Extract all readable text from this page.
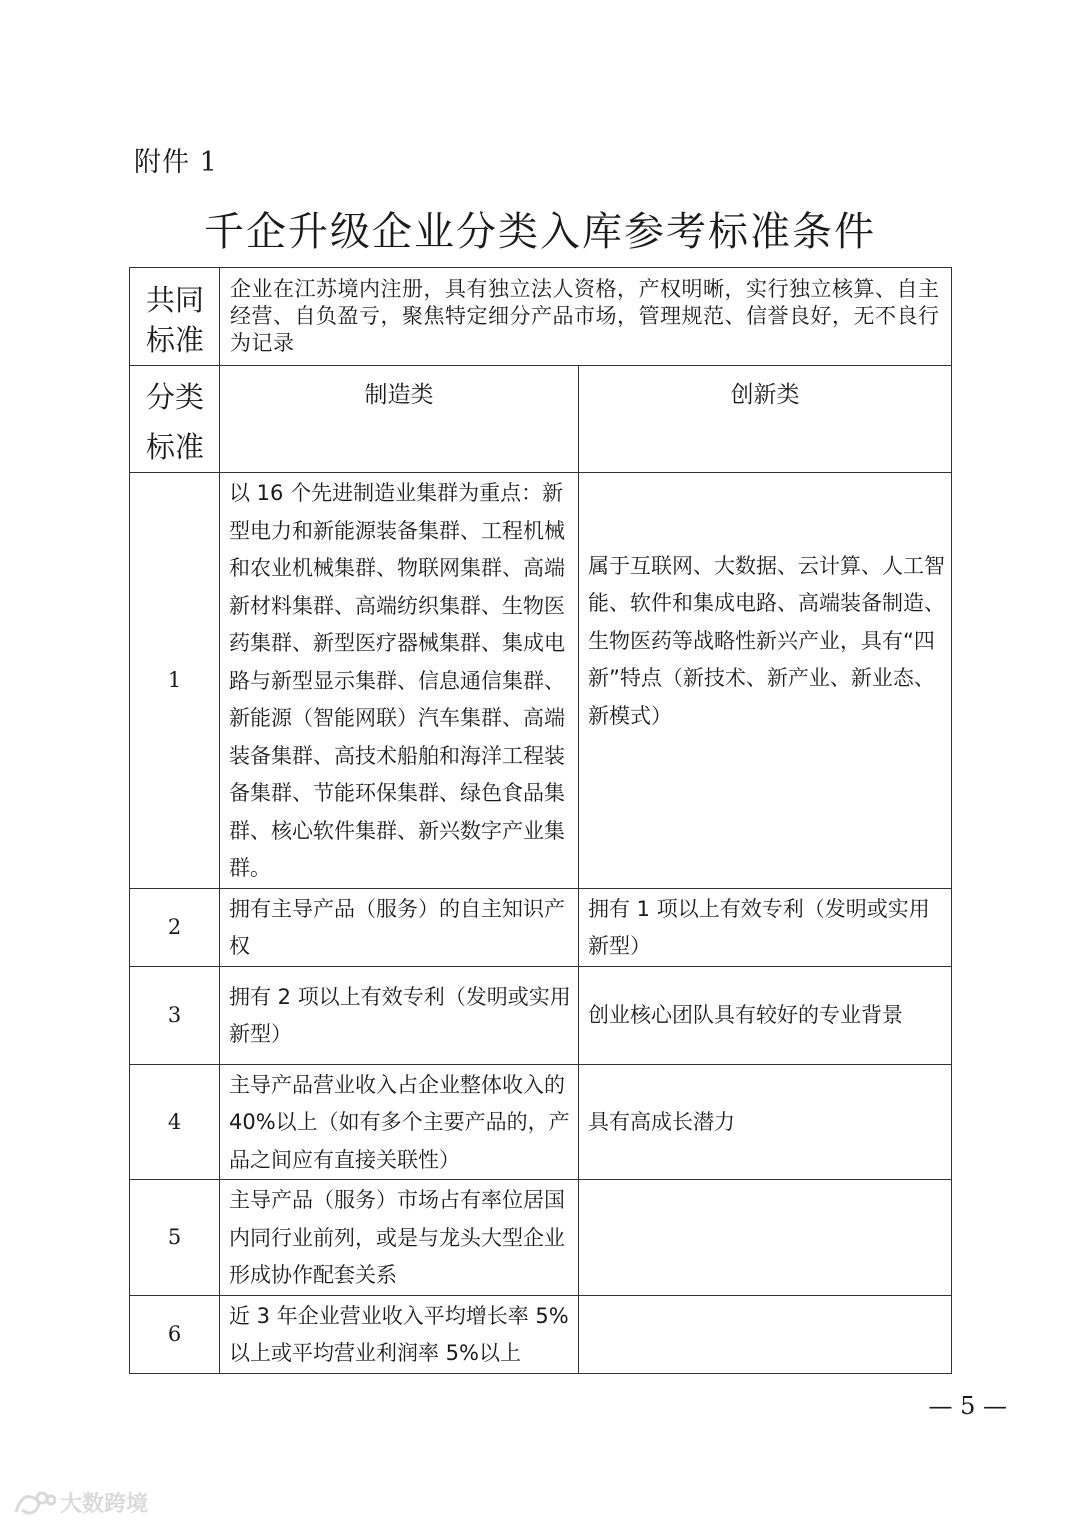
附件 1
千企升级企业分类入库参考标准条件
共同标准	企业在江苏境内注册，具有独立法人资格，产权明晰，实行独立核算、自主经营、自负盈亏，聚焦特定细分产品市场，管理规范、信誉良好，无不良行为记录	
分类标准	制造类	创新类
1	以 16 个先进制造业集群为重点：新型电力和新能源装备集群、工程机械和农业机械集群、物联网集群、高端新材料集群、高端纺织集群、生物医药集群、新型医疗器械集群、集成电路与新型显示集群、信息通信集群、新能源（智能网联）汽车集群、高端装备集群、高技术船舶和海洋工程装备集群、节能环保集群、绿色食品集群、核心软件集群、新兴数字产业集群。	属于互联网、大数据、云计算、人工智能、软件和集成电路、高端装备制造、生物医药等战略性新兴产业，具有“四新”特点（新技术、新产业、新业态、新模式）
2	拥有主导产品（服务）的自主知识产权	拥有 1 项以上有效专利（发明或实用新型）
3	拥有 2 项以上有效专利（发明或实用新型）	创业核心团队具有较好的专业背景
4	主导产品营业收入占企业整体收入的 40%以上（如有多个主要产品的，产品之间应有直接关联性）	具有高成长潜力
5	主导产品（服务）市场占有率位居国内同行业前列，或是与龙头大型企业形成协作配套关系	
6	近 3 年企业营业收入平均增长率 5%以上或平均营业利润率 5%以上	
— 5 —
大数跨境
